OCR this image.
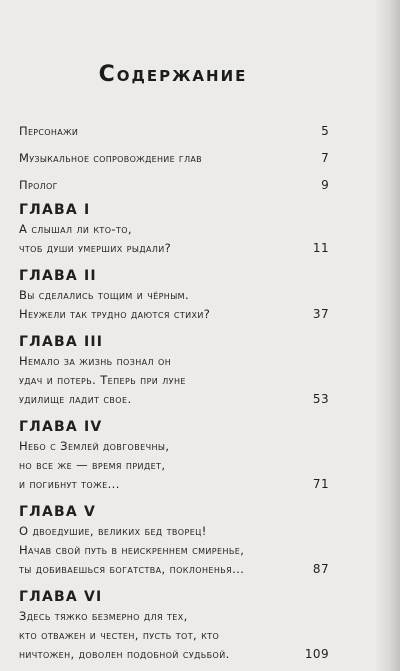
Содержание
Персонажи	5
Музыкальное сопровождение глав	7
Пролог	9
ГЛАВА I
А слышал ли кто-то,
чтоб души умерших рыдали?	11
ГЛАВА II
Вы сделались тощим и чёрным.
Неужели так трудно даются стихи?	37
ГЛАВА III
Немало за жизнь познал он
удач и потерь. Теперь при луне
удилище ладит свое.	53
ГЛАВА IV
Небо с Землей довговечны,
но все же — время придет,
и погибнут тоже...	71
ГЛАВА V
О двоедушие, великих бед творец!
Начав свой путь в неискреннем смиренье,
ты добиваешься богатства, поклоненья...	87
ГЛАВА VI
Здесь тяжко безмерно для тех,
кто отважен и честен, пусть тот, кто
ничтожен, доволен подобной судьбой.	109
